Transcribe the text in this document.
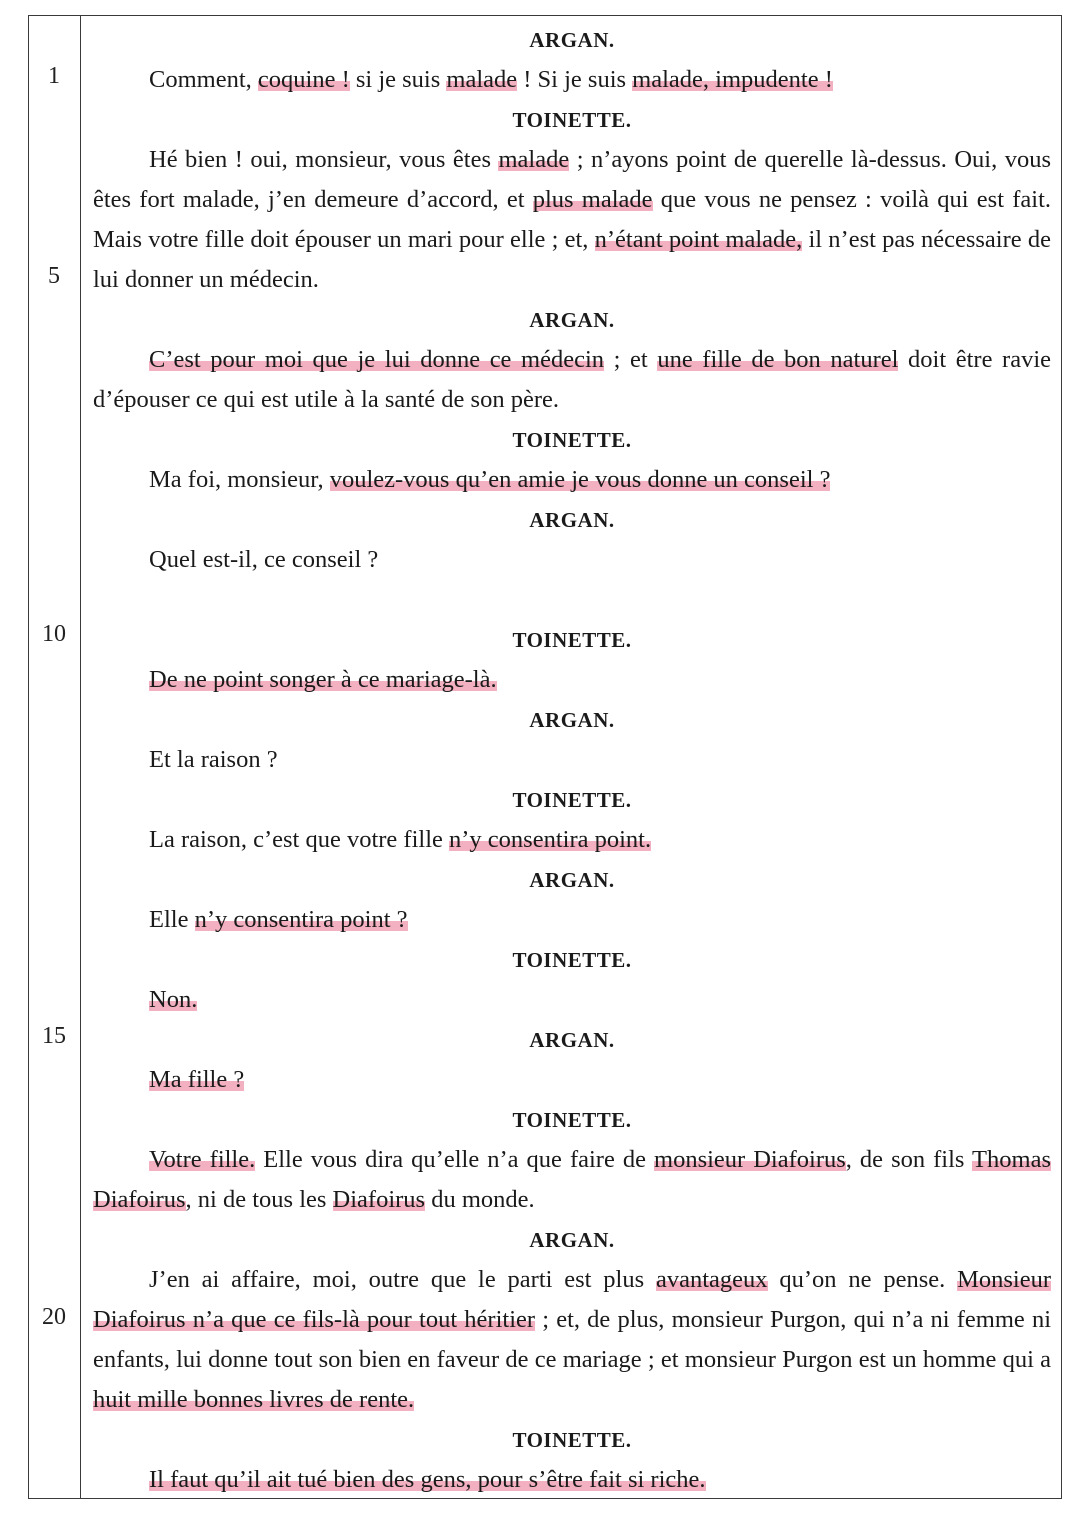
1
5
10
15
20
ARGAN.

Comment, coquine ! si je suis malade ! Si je suis malade, impudente !

TOINETTE.

Hé bien ! oui, monsieur, vous êtes malade ; n’ayons point de querelle là-dessus. Oui, vous êtes fort malade, j’en demeure d’accord, et plus malade que vous ne pensez : voilà qui est fait. Mais votre fille doit épouser un mari pour elle ; et, n’étant point malade, il n’est pas nécessaire de lui donner un médecin.

ARGAN.

C’est pour moi que je lui donne ce médecin ; et une fille de bon naturel doit être ravie d’épouser ce qui est utile à la santé de son père.

TOINETTE.

Ma foi, monsieur, voulez-vous qu’en amie je vous donne un conseil ?

ARGAN.

Quel est-il, ce conseil ?

TOINETTE.

De ne point songer à ce mariage-là.

ARGAN.

Et la raison ?

TOINETTE.

La raison, c’est que votre fille n’y consentira point.

ARGAN.

Elle n’y consentira point ?

TOINETTE.

Non.

ARGAN.

Ma fille ?

TOINETTE.

Votre fille. Elle vous dira qu’elle n’a que faire de monsieur Diafoirus, de son fils Thomas Diafoirus, ni de tous les Diafoirus du monde.

ARGAN.

J’en ai affaire, moi, outre que le parti est plus avantageux qu’on ne pense. Monsieur Diafoirus n’a que ce fils-là pour tout héritier ; et, de plus, monsieur Purgon, qui n’a ni femme ni enfants, lui donne tout son bien en faveur de ce mariage ; et monsieur Purgon est un homme qui a huit mille bonnes livres de rente.

TOINETTE.

Il faut qu’il ait tué bien des gens, pour s’être fait si riche.
